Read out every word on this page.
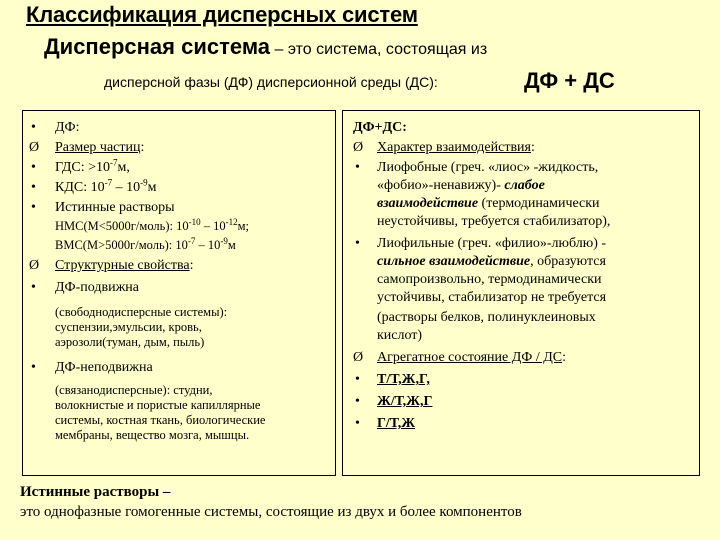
Классификация дисперсных систем
Дисперсная система – это система, состоящая из
дисперсной фазы (ДФ) дисперсионной среды (ДС):	ДФ + ДС
• ДФ:
Ø Размер частиц:
• ГДС: $>10^{-7}м$,
• КДС: $10^{-7} - 10^{-9}м$
• Истинные растворы
НМС(М<5000г/моль): $10^{-10} - 10^{-12}м$;
ВМС(М>5000г/моль): $10^{-7} - 10^{-9}м$
Ø Структурные свойства:
• ДФ-подвижна
(свободнодисперсные системы):
суспензии,эмульсии, кровь,
аэрозоли(туман, дым, пыль)
• ДФ-неподвижна
(связанодисперсные): студни,
волокнистые и пористые капиллярные
системы, костная ткань, биологические
мембраны, вещество мозга, мышцы.
ДФ+ДС:
Ø Характер взаимодействия:
• Лиофобные (греч. «лиос» -жидкость,
«фобио»-ненавижу)- слабое
взаимодействие (термодинамически
неустойчивы, требуется стабилизатор),
• Лиофильные (греч. «филио»-люблю) -
сильное взаимодействие, образуются
самопроизвольно, термодинамически
устойчивы, стабилизатор не требуется
(растворы белков, полинуклеиновых
кислот)
Ø Агрегатное состояние ДФ / ДС:
• Т/Т,Ж,Г,
• Ж/Т,Ж,Г
• Г/Т,Ж
Истинные растворы –
это однофазные гомогенные системы, состоящие из двух и более компонентов
